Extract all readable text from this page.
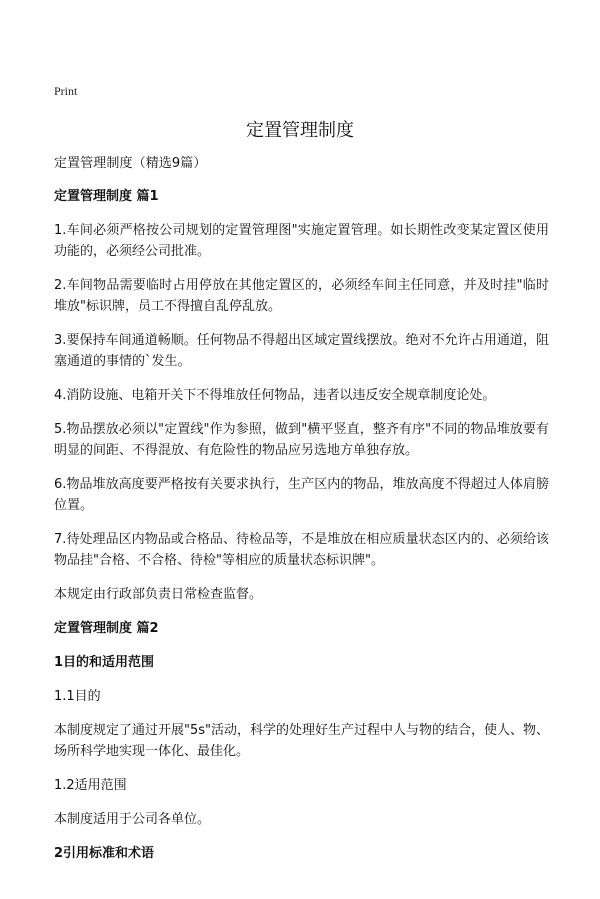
Print
定置管理制度

定置管理制度（精选9篇）

定置管理制度 篇1

1.车间必须严格按公司规划的定置管理图"实施定置管理。如长期性改变某定置区使用功能的，必须经公司批准。

2.车间物品需要临时占用停放在其他定置区的，必须经车间主任同意，并及时挂"临时堆放"标识牌，员工不得擅自乱停乱放。

3.要保持车间通道畅顺。任何物品不得超出区域定置线摆放。绝对不允许占用通道，阻塞通道的事情的`发生。

4.消防设施、电箱开关下不得堆放任何物品，违者以违反安全规章制度论处。

5.物品摆放必须以"定置线"作为参照，做到"横平竖直，整齐有序"不同的物品堆放要有明显的间距、不得混放、有危险性的物品应另选地方单独存放。

6.物品堆放高度要严格按有关要求执行，生产区内的物品，堆放高度不得超过人体肩膀位置。

7.待处理品区内物品或合格品、待检品等，不是堆放在相应质量状态区内的、必须给该物品挂"合格、不合格、待检"等相应的质量状态标识牌"。

本规定由行政部负责日常检查监督。

定置管理制度 篇2

1目的和适用范围

1.1目的

本制度规定了通过开展"5s"活动，科学的处理好生产过程中人与物的结合，使人、物、场所科学地实现一体化、最佳化。

1.2适用范围

本制度适用于公司各单位。

2引用标准和术语
